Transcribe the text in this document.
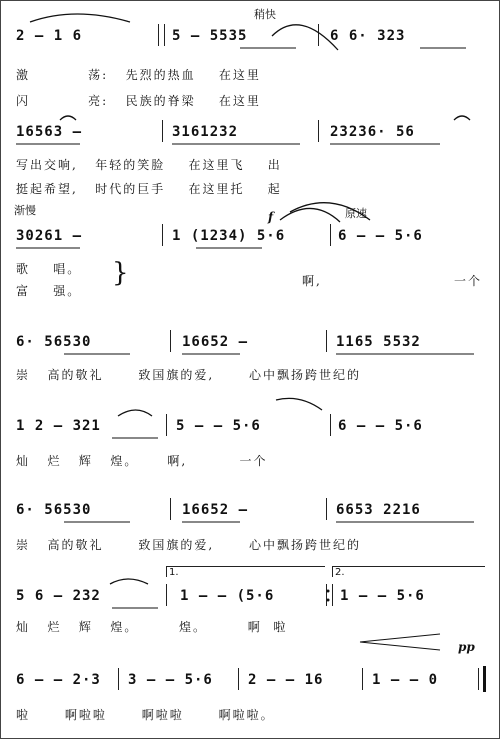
稍快
渐慢	原速
f
pp
2 – 1 6	5 – 5535	6 6· 323
激          荡:   先烈的热血    在这里
闪          亮:   民族的脊梁    在这里
16563 –	3161232	23236· 56
写出交响,   年轻的笑脸    在这里飞    出
挺起希望,   时代的巨手    在这里托    起
30261 –	1 (1234) 5·6	6 – – 5·6
歌    唱。
富    强。
}	啊,	一个
6· 56530	16652 –	1165 5532
崇   高的敬礼      致国旗的爱,      心中飘扬跨世纪的
1 2 – 321	5 – – 5·6	6 – – 5·6
灿   烂   辉   煌。     啊,         一个
6· 56530	16652 –	6653 2216
崇   高的敬礼      致国旗的爱,      心中飘扬跨世纪的
1.	2.
5 6 – 232	1 – – (5·6	1 – – 5·6
灿   烂   辉   煌。       煌。       啊  啦
6 – – 2·3 3 – – 5·6	2 – – 16	1 – – 0
啦      啊啦啦      啊啦啦      啊啦啦。
